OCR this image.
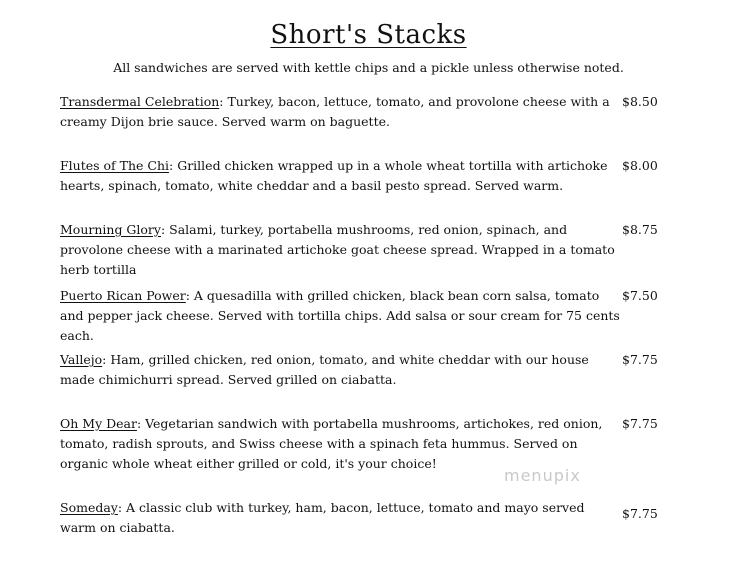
Short's Stacks
All sandwiches are served with kettle chips and a pickle unless otherwise noted.
Transdermal Celebration: Turkey, bacon, lettuce, tomato, and provolone cheese with a creamy Dijon brie sauce. Served warm on baguette.
$8.50
Flutes of The Chi: Grilled chicken wrapped up in a whole wheat tortilla with artichoke hearts, spinach, tomato, white cheddar and a basil pesto spread. Served warm.
$8.00
Mourning Glory: Salami, turkey, portabella mushrooms, red onion, spinach, and provolone cheese with a marinated artichoke goat cheese spread. Wrapped in a tomato herb tortilla
$8.75
Puerto Rican Power: A quesadilla with grilled chicken, black bean corn salsa, tomato and pepper jack cheese. Served with tortilla chips. Add salsa or sour cream for 75 cents each.
$7.50
Vallejo: Ham, grilled chicken, red onion, tomato, and white cheddar with our house made chimichurri spread. Served grilled on ciabatta.
$7.75
Oh My Dear: Vegetarian sandwich with portabella mushrooms, artichokes, red onion, tomato, radish sprouts, and Swiss cheese with a spinach feta hummus. Served on organic whole wheat either grilled or cold, it's your choice!
$7.75
Someday: A classic club with turkey, ham, bacon, lettuce, tomato and mayo served warm on ciabatta.
$7.75
menupix
